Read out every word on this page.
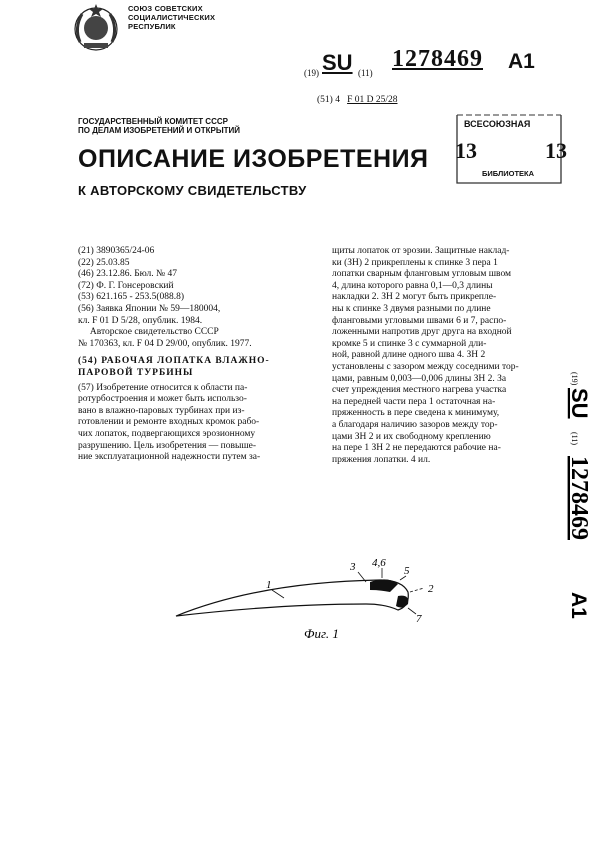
СОЮЗ СОВЕТСКИХ
СОЦИАЛИСТИЧЕСКИХ
РЕСПУБЛИК
(19) SU (11)
1278469 A1
(51) 4 F 01 D 25/28
ГОСУДАРСТВЕННЫЙ КОМИТЕТ СССР
ПО ДЕЛАМ ИЗОБРЕТЕНИЙ И ОТКРЫТИЙ
ВСЕСОЮЗНАЯ
13	13
БИБЛИОТЕКА
ОПИСАНИЕ ИЗОБРЕТЕНИЯ
К АВТОРСКОМУ СВИДЕТЕЛЬСТВУ

(21) 3890365/24-06

(22) 25.03.85

(46) 23.12.86. Бюл. № 47

(72) Ф. Г. Гонсеровский

(53) 621.165 - 253.5(088.8)

(56) Заявка Японии № 59—180004,

кл. F 01 D 5/28, опублик. 1984.

Авторское свидетельство СССР

№ 170363, кл. F 04 D 29/00, опублик. 1977.

(54) РАБОЧАЯ ЛОПАТКА ВЛАЖНО-

ПАРОВОЙ ТУРБИНЫ

(57) Изобретение относится к области па-

ротурбостроения и может быть использо-

вано в влажно-паровых турбинах при из-

готовлении и ремонте входных кромок рабо-

чих лопаток, подвергающихся эрозионному

разрушению. Цель изобретения — повыше-

ние эксплуатационной надежности путем за-

щиты лопаток от эрозии. Защитные наклад-

ки (ЗН) 2 прикреплены к спинке 3 пера 1

лопатки сварным фланговым угловым швом

4, длина которого равна 0,1—0,3 длины

накладки 2. ЗН 2 могут быть прикрепле-

ны к спинке 3 двумя разными по длине

фланговыми угловыми швами 6 и 7, распо-

ложенными напротив друг друга на входной

кромке 5 и спинке 3 с суммарной дли-

ной, равной длине одного шва 4. ЗН 2

установлены с зазором между соседними тор-

цами, равным 0,003—0,006 длины ЗН 2. За

счет упреждения местного нагрева участка

на передней части пера 1 остаточная на-

пряженность в пере сведена к минимуму,

а благодаря наличию зазоров между тор-

цами ЗН 2 и их свободному креплению

на пере 1 ЗН 2 не передаются рабочие на-

пряжения лопатки. 4 ил.

(19)
SU
(11)
1278469
A1
1	2
3 4,6
5
7
Фиг. 1
